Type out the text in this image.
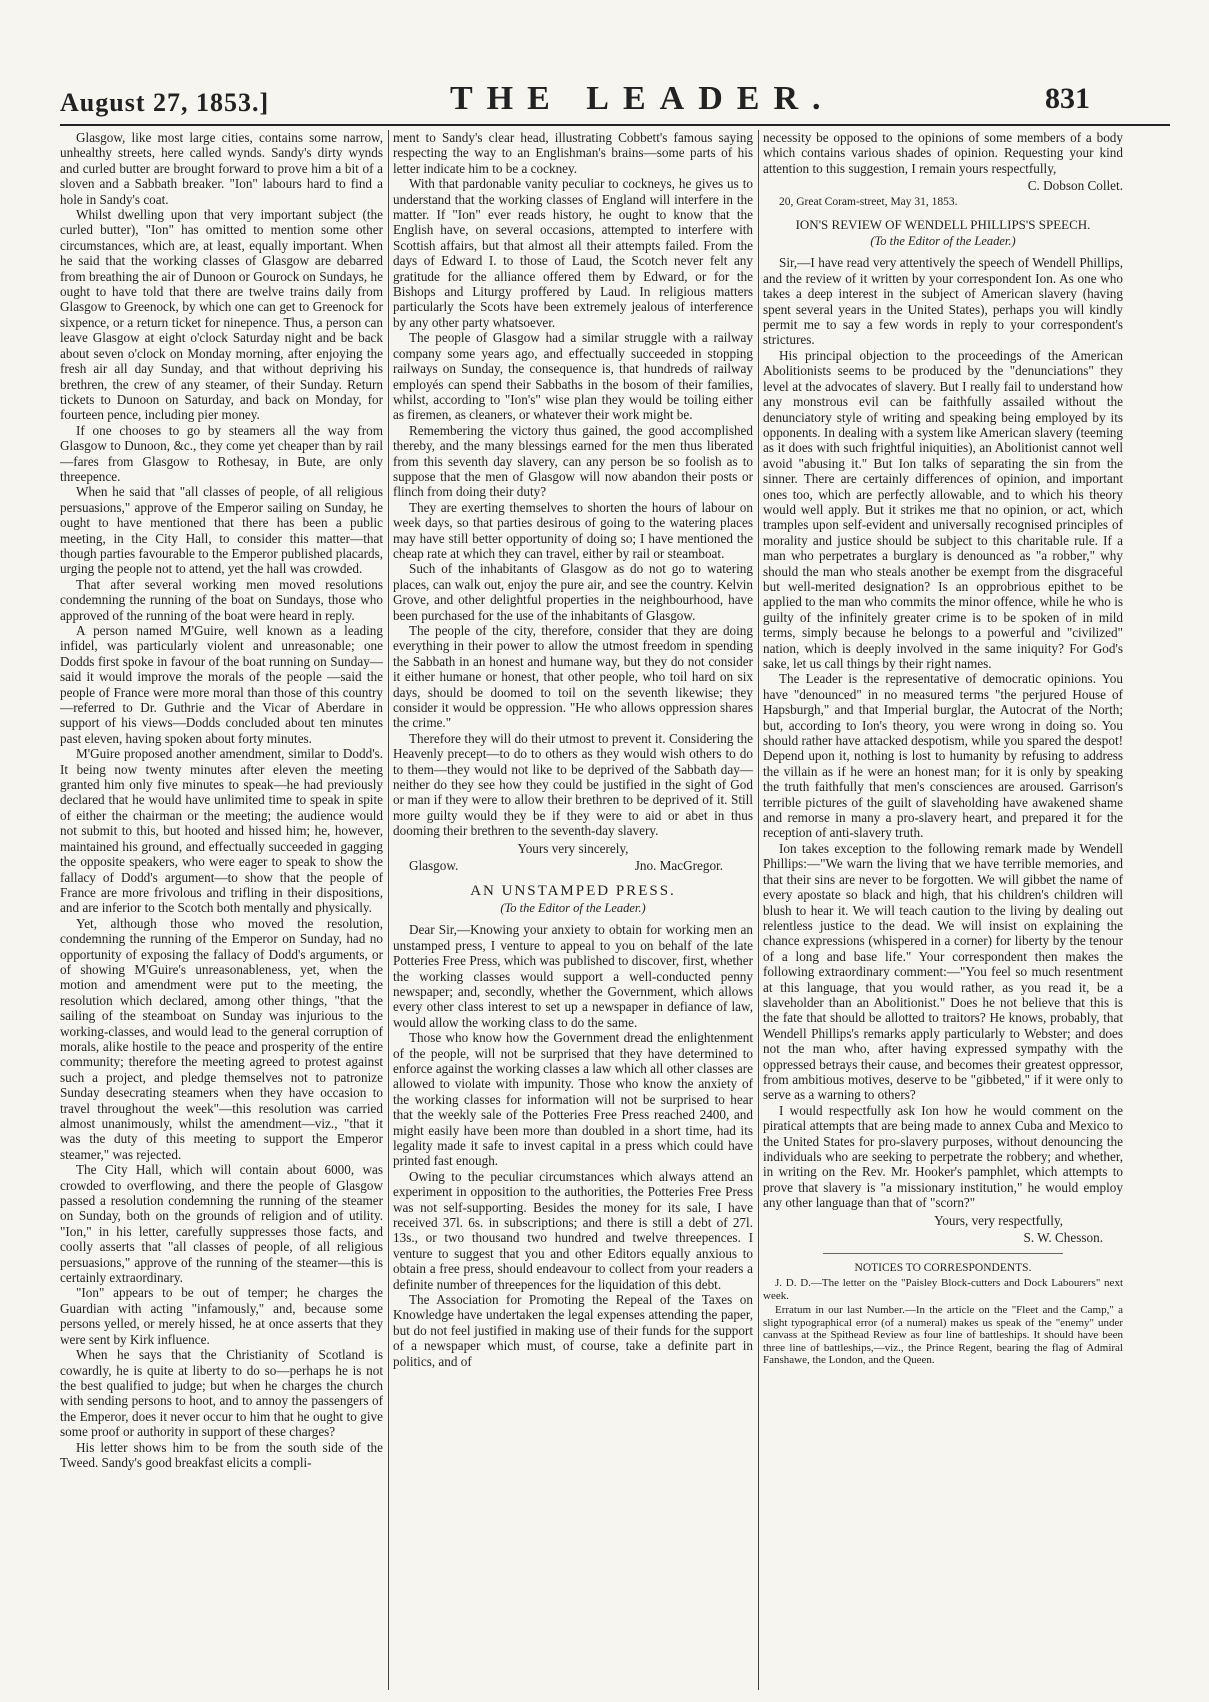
August 27, 1853.]	THE LEADER.	831

Glasgow, like most large cities, contains some narrow, unhealthy streets, here called wynds. Sandy's dirty wynds and curled butter are brought forward to prove him a bit of a sloven and a Sabbath breaker. "Ion" labours hard to find a hole in Sandy's coat.

Whilst dwelling upon that very important subject (the curled butter), "Ion" has omitted to mention some other circumstances, which are, at least, equally important. When he said that the working classes of Glasgow are debarred from breathing the air of Dunoon or Gourock on Sundays, he ought to have told that there are twelve trains daily from Glasgow to Greenock, by which one can get to Greenock for sixpence, or a return ticket for ninepence. Thus, a person can leave Glasgow at eight o'clock Saturday night and be back about seven o'clock on Monday morning, after enjoying the fresh air all day Sunday, and that without depriving his brethren, the crew of any steamer, of their Sunday. Return tickets to Dunoon on Saturday, and back on Monday, for fourteen pence, including pier money.

If one chooses to go by steamers all the way from Glasgow to Dunoon, &c., they come yet cheaper than by rail—fares from Glasgow to Rothesay, in Bute, are only threepence.

When he said that "all classes of people, of all religious persuasions," approve of the Emperor sailing on Sunday, he ought to have mentioned that there has been a public meeting, in the City Hall, to consider this matter—that though parties favourable to the Emperor published placards, urging the people not to attend, yet the hall was crowded.

That after several working men moved resolutions condemning the running of the boat on Sundays, those who approved of the running of the boat were heard in reply.

A person named M'Guire, well known as a leading infidel, was particularly violent and unreasonable; one Dodds first spoke in favour of the boat running on Sunday—said it would improve the morals of the people —said the people of France were more moral than those of this country—referred to Dr. Guthrie and the Vicar of Aberdare in support of his views—Dodds concluded about ten minutes past eleven, having spoken about forty minutes.

M'Guire proposed another amendment, similar to Dodd's. It being now twenty minutes after eleven the meeting granted him only five minutes to speak—he had previously declared that he would have unlimited time to speak in spite of either the chairman or the meeting; the audience would not submit to this, but hooted and hissed him; he, however, maintained his ground, and effectually succeeded in gagging the opposite speakers, who were eager to speak to show the fallacy of Dodd's argument—to show that the people of France are more frivolous and trifling in their dispositions, and are inferior to the Scotch both mentally and physically.

Yet, although those who moved the resolution, condemning the running of the Emperor on Sunday, had no opportunity of exposing the fallacy of Dodd's arguments, or of showing M'Guire's unreasonableness, yet, when the motion and amendment were put to the meeting, the resolution which declared, among other things, "that the sailing of the steamboat on Sunday was injurious to the working-classes, and would lead to the general corruption of morals, alike hostile to the peace and prosperity of the entire community; therefore the meeting agreed to protest against such a project, and pledge themselves not to patronize Sunday desecrating steamers when they have occasion to travel throughout the week"—this resolution was carried almost unanimously, whilst the amendment—viz., "that it was the duty of this meeting to support the Emperor steamer," was rejected.

The City Hall, which will contain about 6000, was crowded to overflowing, and there the people of Glasgow passed a resolution condemning the running of the steamer on Sunday, both on the grounds of religion and of utility. "Ion," in his letter, carefully suppresses those facts, and coolly asserts that "all classes of people, of all religious persuasions," approve of the running of the steamer—this is certainly extraordinary.

"Ion" appears to be out of temper; he charges the Guardian with acting "infamously," and, because some persons yelled, or merely hissed, he at once asserts that they were sent by Kirk influence.

When he says that the Christianity of Scotland is cowardly, he is quite at liberty to do so—perhaps he is not the best qualified to judge; but when he charges the church with sending persons to hoot, and to annoy the passengers of the Emperor, does it never occur to him that he ought to give some proof or authority in support of these charges?

His letter shows him to be from the south side of the Tweed. Sandy's good breakfast elicits a compli-

ment to Sandy's clear head, illustrating Cobbett's famous saying respecting the way to an Englishman's brains—some parts of his letter indicate him to be a cockney.

With that pardonable vanity peculiar to cockneys, he gives us to understand that the working classes of England will interfere in the matter. If "Ion" ever reads history, he ought to know that the English have, on several occasions, attempted to interfere with Scottish affairs, but that almost all their attempts failed. From the days of Edward I. to those of Laud, the Scotch never felt any gratitude for the alliance offered them by Edward, or for the Bishops and Liturgy proffered by Laud. In religious matters particularly the Scots have been extremely jealous of interference by any other party whatsoever.

The people of Glasgow had a similar struggle with a railway company some years ago, and effectually succeeded in stopping railways on Sunday, the consequence is, that hundreds of railway employés can spend their Sabbaths in the bosom of their families, whilst, according to "Ion's" wise plan they would be toiling either as firemen, as cleaners, or whatever their work might be.

Remembering the victory thus gained, the good accomplished thereby, and the many blessings earned for the men thus liberated from this seventh day slavery, can any person be so foolish as to suppose that the men of Glasgow will now abandon their posts or flinch from doing their duty?

They are exerting themselves to shorten the hours of labour on week days, so that parties desirous of going to the watering places may have still better opportunity of doing so; I have mentioned the cheap rate at which they can travel, either by rail or steamboat.

Such of the inhabitants of Glasgow as do not go to watering places, can walk out, enjoy the pure air, and see the country. Kelvin Grove, and other delightful properties in the neighbourhood, have been purchased for the use of the inhabitants of Glasgow.

The people of the city, therefore, consider that they are doing everything in their power to allow the utmost freedom in spending the Sabbath in an honest and humane way, but they do not consider it either humane or honest, that other people, who toil hard on six days, should be doomed to toil on the seventh likewise; they consider it would be oppression. "He who allows oppression shares the crime."

Therefore they will do their utmost to prevent it. Considering the Heavenly precept—to do to others as they would wish others to do to them—they would not like to be deprived of the Sabbath day—neither do they see how they could be justified in the sight of God or man if they were to allow their brethren to be deprived of it. Still more guilty would they be if they were to aid or abet in thus dooming their brethren to the seventh-day slavery.

Yours very sincerely,
Glasgow.	Jno. MacGregor.
AN UNSTAMPED PRESS.
(To the Editor of the Leader.)

Dear Sir,—Knowing your anxiety to obtain for working men an unstamped press, I venture to appeal to you on behalf of the late Potteries Free Press, which was published to discover, first, whether the working classes would support a well-conducted penny newspaper; and, secondly, whether the Government, which allows every other class interest to set up a newspaper in defiance of law, would allow the working class to do the same.

Those who know how the Government dread the enlightenment of the people, will not be surprised that they have determined to enforce against the working classes a law which all other classes are allowed to violate with impunity. Those who know the anxiety of the working classes for information will not be surprised to hear that the weekly sale of the Potteries Free Press reached 2400, and might easily have been more than doubled in a short time, had its legality made it safe to invest capital in a press which could have printed fast enough.

Owing to the peculiar circumstances which always attend an experiment in opposition to the authorities, the Potteries Free Press was not self-supporting. Besides the money for its sale, I have received 37l. 6s. in subscriptions; and there is still a debt of 27l. 13s., or two thousand two hundred and twelve threepences. I venture to suggest that you and other Editors equally anxious to obtain a free press, should endeavour to collect from your readers a definite number of threepences for the liquidation of this debt.

The Association for Promoting the Repeal of the Taxes on Knowledge have undertaken the legal expenses attending the paper, but do not feel justified in making use of their funds for the support of a newspaper which must, of course, take a definite part in politics, and of

necessity be opposed to the opinions of some members of a body which contains various shades of opinion. Requesting your kind attention to this suggestion, I remain yours respectfully,

C. Dobson Collet.
20, Great Coram-street, May 31, 1853.
ION'S REVIEW OF WENDELL PHILLIPS'S SPEECH.
(To the Editor of the Leader.)

Sir,—I have read very attentively the speech of Wendell Phillips, and the review of it written by your correspondent Ion. As one who takes a deep interest in the subject of American slavery (having spent several years in the United States), perhaps you will kindly permit me to say a few words in reply to your correspondent's strictures.

His principal objection to the proceedings of the American Abolitionists seems to be produced by the "denunciations" they level at the advocates of slavery. But I really fail to understand how any monstrous evil can be faithfully assailed without the denunciatory style of writing and speaking being employed by its opponents. In dealing with a system like American slavery (teeming as it does with such frightful iniquities), an Abolitionist cannot well avoid "abusing it." But Ion talks of separating the sin from the sinner. There are certainly differences of opinion, and important ones too, which are perfectly allowable, and to which his theory would well apply. But it strikes me that no opinion, or act, which tramples upon self-evident and universally recognised principles of morality and justice should be subject to this charitable rule. If a man who perpetrates a burglary is denounced as "a robber," why should the man who steals another be exempt from the disgraceful but well-merited designation? Is an opprobrious epithet to be applied to the man who commits the minor offence, while he who is guilty of the infinitely greater crime is to be spoken of in mild terms, simply because he belongs to a powerful and "civilized" nation, which is deeply involved in the same iniquity? For God's sake, let us call things by their right names.

The Leader is the representative of democratic opinions. You have "denounced" in no measured terms "the perjured House of Hapsburgh," and that Imperial burglar, the Autocrat of the North; but, according to Ion's theory, you were wrong in doing so. You should rather have attacked despotism, while you spared the despot! Depend upon it, nothing is lost to humanity by refusing to address the villain as if he were an honest man; for it is only by speaking the truth faithfully that men's consciences are aroused. Garrison's terrible pictures of the guilt of slaveholding have awakened shame and remorse in many a pro-slavery heart, and prepared it for the reception of anti-slavery truth.

Ion takes exception to the following remark made by Wendell Phillips:—"We warn the living that we have terrible memories, and that their sins are never to be forgotten. We will gibbet the name of every apostate so black and high, that his children's children will blush to hear it. We will teach caution to the living by dealing out relentless justice to the dead. We will insist on explaining the chance expressions (whispered in a corner) for liberty by the tenour of a long and base life." Your correspondent then makes the following extraordinary comment:—"You feel so much resentment at this language, that you would rather, as you read it, be a slaveholder than an Abolitionist." Does he not believe that this is the fate that should be allotted to traitors? He knows, probably, that Wendell Phillips's remarks apply particularly to Webster; and does not the man who, after having expressed sympathy with the oppressed betrays their cause, and becomes their greatest oppressor, from ambitious motives, deserve to be "gibbeted," if it were only to serve as a warning to others?

I would respectfully ask Ion how he would comment on the piratical attempts that are being made to annex Cuba and Mexico to the United States for pro-slavery purposes, without denouncing the individuals who are seeking to perpetrate the robbery; and whether, in writing on the Rev. Mr. Hooker's pamphlet, which attempts to prove that slavery is "a missionary institution," he would employ any other language than that of "scorn?"

Yours, very respectfully,
S. W. Chesson.
NOTICES TO CORRESPONDENTS.

J. D. D.—The letter on the "Paisley Block-cutters and Dock Labourers" next week.

Erratum in our last Number.—In the article on the "Fleet and the Camp," a slight typographical error (of a numeral) makes us speak of the "enemy" under canvass at the Spithead Review as four line of battleships. It should have been three line of battleships,—viz., the Prince Regent, bearing the flag of Admiral Fanshawe, the London, and the Queen.
